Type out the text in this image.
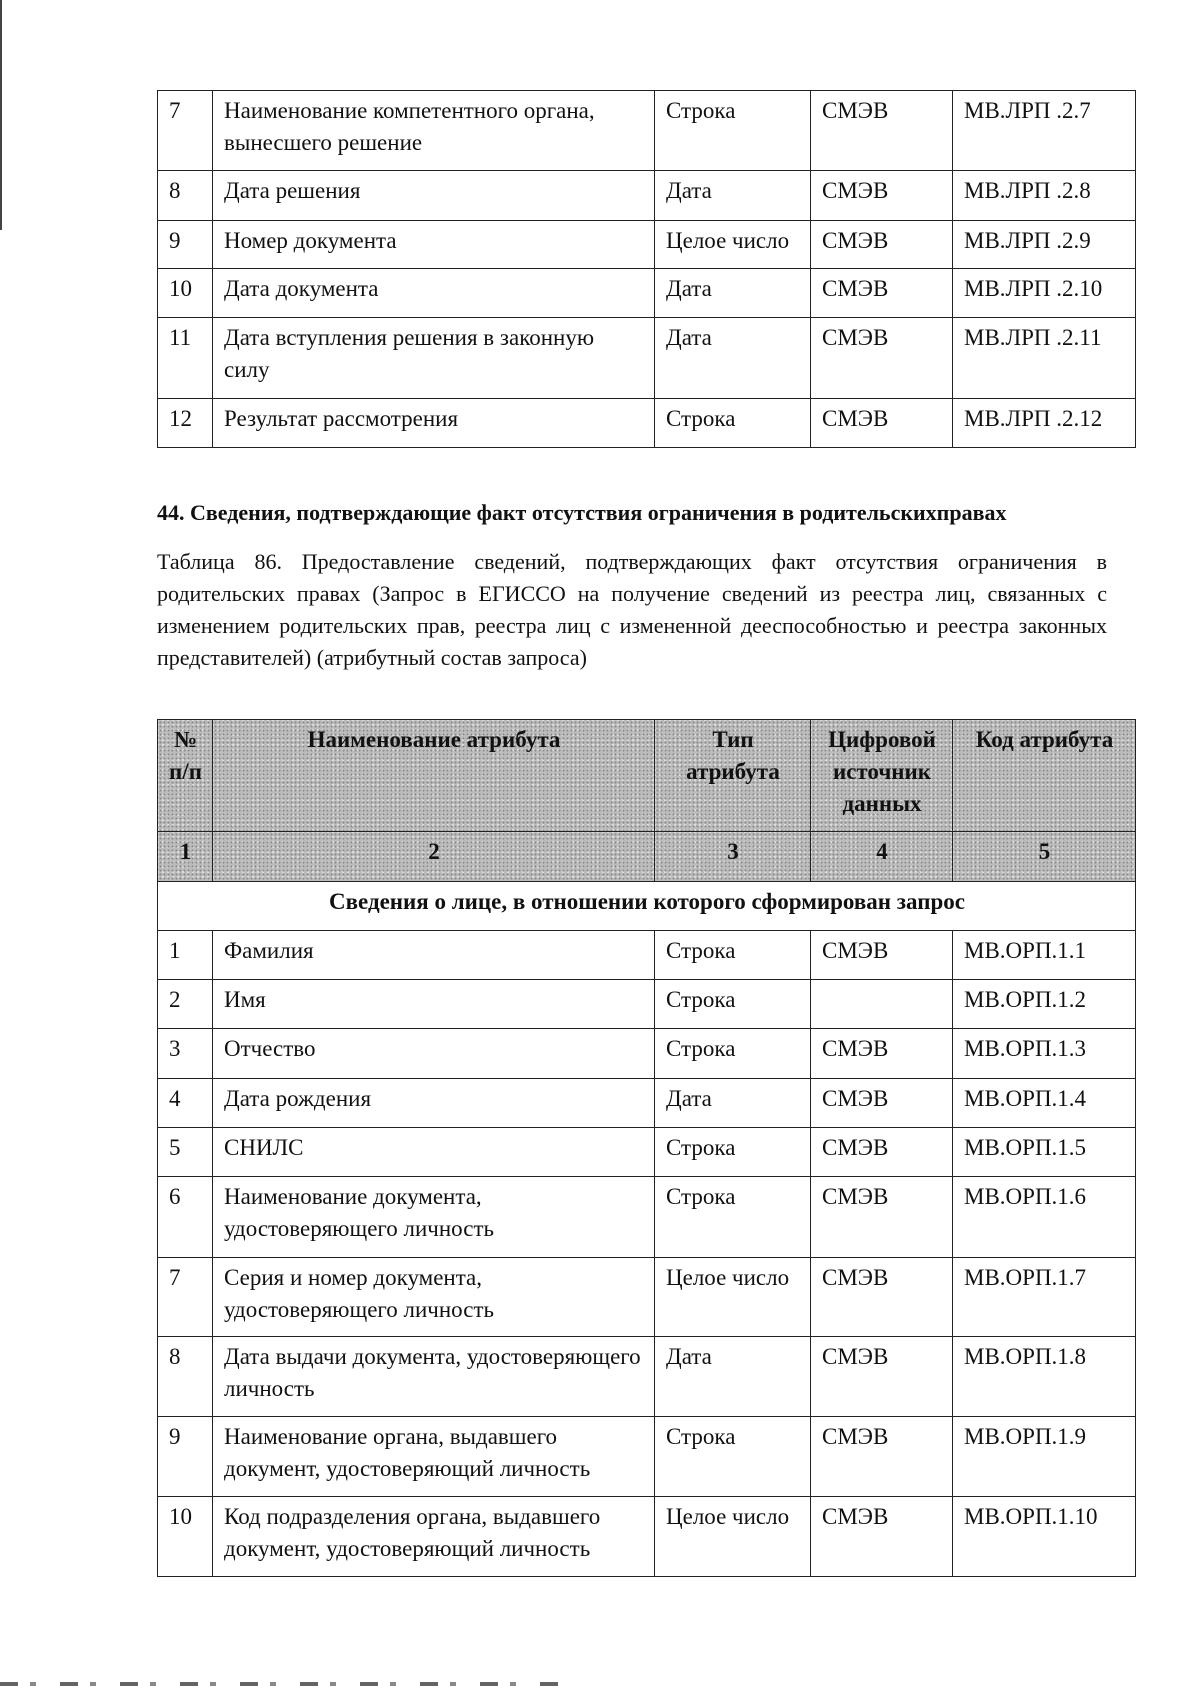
7	Наименование компетентного органа, вынесшего решение	Строка	СМЭВ	МВ.ЛРП .2.7
8	Дата решения	Дата	СМЭВ	МВ.ЛРП .2.8
9	Номер документа	Целое число	СМЭВ	МВ.ЛРП .2.9
10	Дата документа	Дата	СМЭВ	МВ.ЛРП .2.10
11	Дата вступления решения в законную силу	Дата	СМЭВ	МВ.ЛРП .2.11
12	Результат рассмотрения	Строка	СМЭВ	МВ.ЛРП .2.12
44. Сведения, подтверждающие факт отсутствия ограничения в родительскихправах

Таблица 86. Предоставление сведений, подтверждающих факт отсутствия ограничения в родительских правах (Запрос в ЕГИССО на получение сведений из реестра лиц, связанных с изменением родительских прав, реестра лиц с измененной дееспособностью и реестра законных представителей) (атрибутный состав запроса)

№ п/п	Наименование атрибута	Тип атрибута	Цифровой источник данных	Код атрибута
1	2	3	4	5
Сведения о лице, в отношении которого сформирован запрос				
1	Фамилия	Строка	СМЭВ	МВ.ОРП.1.1
2	Имя	Строка		МВ.ОРП.1.2
3	Отчество	Строка	СМЭВ	МВ.ОРП.1.3
4	Дата рождения	Дата	СМЭВ	МВ.ОРП.1.4
5	СНИЛС	Строка	СМЭВ	МВ.ОРП.1.5
6	Наименование документа, удостоверяющего личность	Строка	СМЭВ	МВ.ОРП.1.6
7	Серия и номер документа, удостоверяющего личность	Целое число	СМЭВ	МВ.ОРП.1.7
8	Дата выдачи документа, удостоверяющего личность	Дата	СМЭВ	МВ.ОРП.1.8
9	Наименование органа, выдавшего документ, удостоверяющий личность	Строка	СМЭВ	МВ.ОРП.1.9
10	Код подразделения органа, выдавшего документ, удостоверяющий личность	Целое число	СМЭВ	МВ.ОРП.1.10
